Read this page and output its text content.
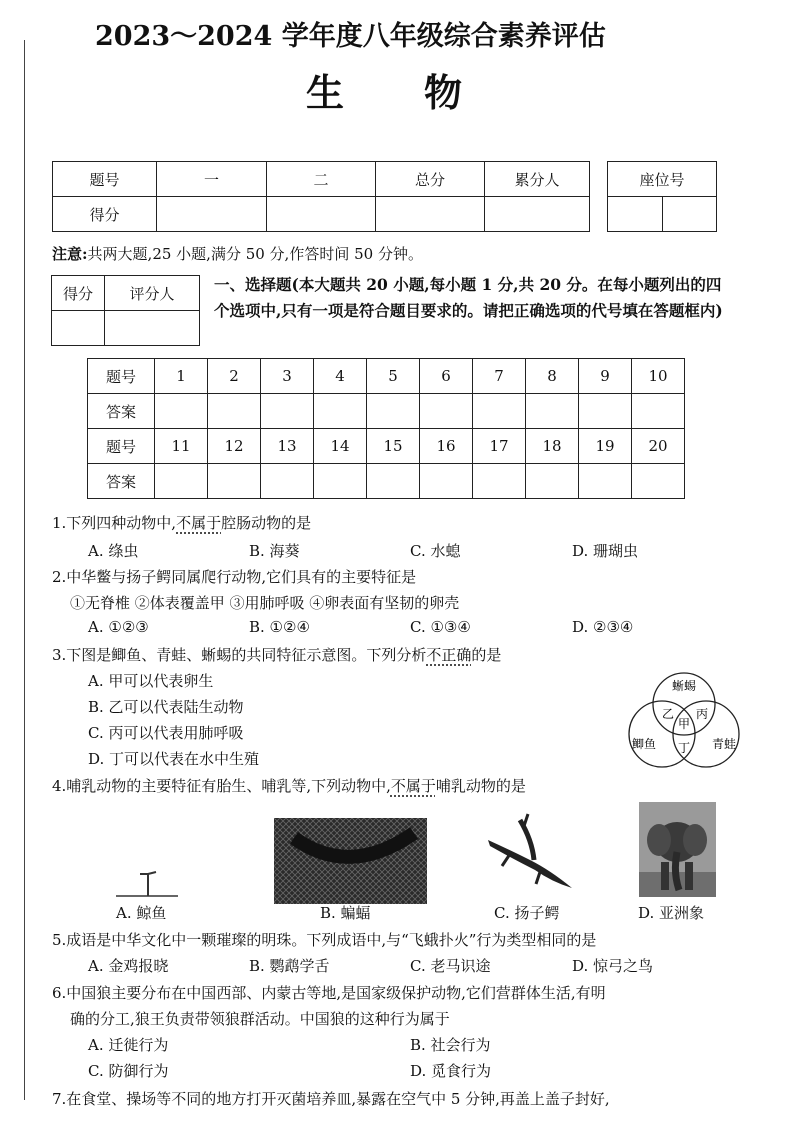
2023～2024 学年度八年级综合素养评估
生 物
题号	一	二	总分	累分人
得分				
座位号

注意:共两大题,25 小题,满分 50 分,作答时间 50 分钟。
得分	评分人
		一、选择题(本大题共 20 小题,每小题 1 分,共 20 分。在每小题列出的四个选项中,只有一项是符合题目要求的。请把正确选项的代号填在答题框内)
题号	1	2	3	4	5	6	7	8	9	10
答案										
题号	11	12	13	14	15	16	17	18	19	20
答案										
1.下列四种动物中,不属于腔肠动物的是
A. 绦虫	B. 海葵	C. 水螅	D. 珊瑚虫
2.中华鳖与扬子鳄同属爬行动物,它们具有的主要特征是
①无脊椎 ②体表覆盖甲 ③用肺呼吸 ④卵表面有坚韧的卵壳
A. ①②③	B. ①②④	C. ①③④	D. ②③④
3.下图是鲫鱼、青蛙、蜥蜴的共同特征示意图。下列分析不正确的是
A. 甲可以代表卵生
B. 乙可以代表陆生动物
C. 丙可以代表用肺呼吸
D. 丁可以代表在水中生殖
蜥蜴
鲫鱼	青蛙
甲
乙 丙
丁
4.哺乳动物的主要特征有胎生、哺乳等,下列动物中,不属于哺乳动物的是
A. 鲸鱼	B. 蝙蝠	C. 扬子鳄	D. 亚洲象
5.成语是中华文化中一颗璀璨的明珠。下列成语中,与“飞蛾扑火”行为类型相同的是
A. 金鸡报晓	B. 鹦鹉学舌	C. 老马识途	D. 惊弓之鸟
6.中国狼主要分布在中国西部、内蒙古等地,是国家级保护动物,它们营群体生活,有明
确的分工,狼王负责带领狼群活动。中国狼的这种行为属于
A. 迁徙行为	B. 社会行为
C. 防御行为	D. 觅食行为
7.在食堂、操场等不同的地方打开灭菌培养皿,暴露在空气中 5 分钟,再盖上盖子封好,
